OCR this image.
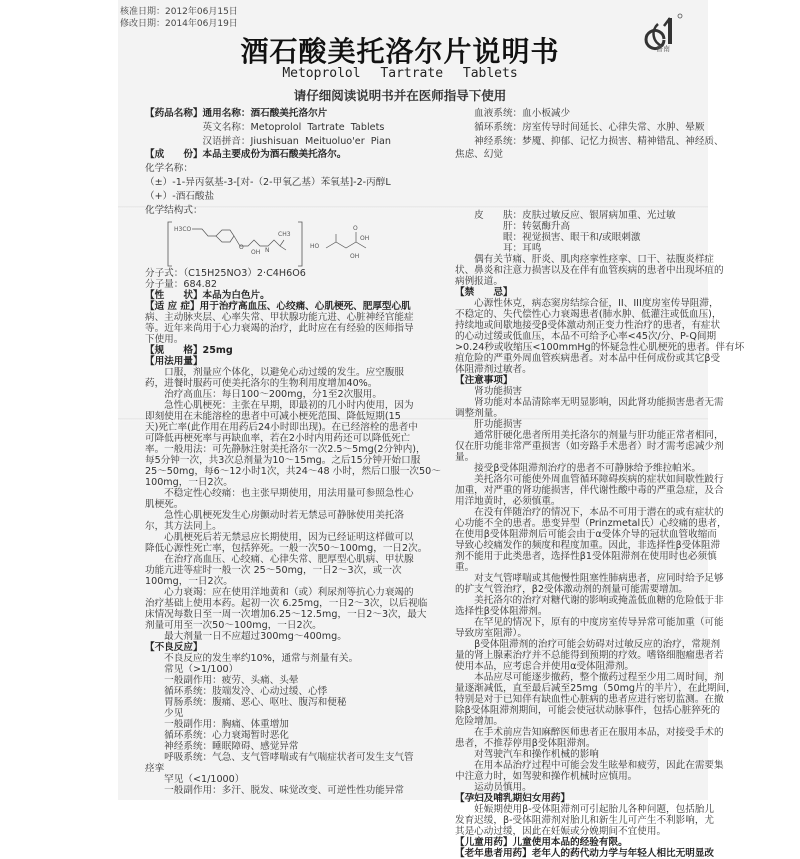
核准日期：2012年06月15日
修改日期：2014年06月19日
鲁南
酒石酸美托洛尔片说明书
Metoprolol Tartrate Tablets
请仔细阅读说明书并在医师指导下使用
【药品名称】通用名称：酒石酸美托洛尔片
　　　　　　英文名称：Metoprolol  Tartrate  Tablets
　　　　　　汉语拼音：Jiushisuan  Meituoluo'er  Pian
【成　　份】本品主要成份为酒石酸美托洛尔。
化学名称：
（±）-1-异丙氨基-3-[对-（2-甲氧乙基）苯氧基]-2-丙醇L
（+）-酒石酸盐
化学结构式：
H3CO
O
OH N
CH3
HO
OH
OH
O
分子式：（C15H25NO3）2·C4H6O6
分子量：684.82
【性　　状】本品为白色片。
【适 应 症】用于治疗高血压、心绞痛、心肌梗死、肥厚型心肌
病、主动脉夹层、心率失常、甲状腺功能亢进、心脏神经官能症
等。近年来尚用于心力衰竭的治疗，此时应在有经验的医师指导
下使用。
【规　　格】25mg
【用法用量】
　　口服，剂量应个体化，以避免心动过缓的发生。应空腹服
药，进餐时服药可使美托洛尔的生物利用度增加40%。
　　治疗高血压：每日100～200mg，分1至2次服用。
　　急性心肌梗死：主张在早期，即最初的几小时内使用，因为
即刻使用在未能溶栓的患者中可减小梗死范围、降低短期(15
天)死亡率(此作用在用药后24小时即出现)。在已经溶栓的患者中
可降低再梗死率与再缺血率，若在2小时内用药还可以降低死亡
率。一般用法：可先静脉注射美托洛尔一次2.5～5mg(2分钟内)，
每5分钟一次，共3次总剂量为10～15mg。之后15分钟开始口服
25～50mg，每6～12小时1次，共24～48 小时，然后口服一次50～
100mg，一日2次。
　　不稳定性心绞痛：也主张早期使用，用法用量可参照急性心
肌梗死。
　　急性心肌梗死发生心房颤动时若无禁忌可静脉使用美托洛
尔，其方法同上。
　　心肌梗死后若无禁忌应长期使用，因为已经证明这样做可以
降低心源性死亡率，包括猝死。一般一次50～100mg，一日2次。
　　在治疗高血压、心绞痛、心律失常、肥厚型心肌病、甲状腺
功能亢进等症时一般一次 25～50mg，一日2～3次，或一次
100mg，一日2次。
　　心力衰竭：应在使用洋地黄和（或）利尿剂等抗心力衰竭的
治疗基础上使用本药。起初一次 6.25mg，一日2～3次，以后视临
床情况每数日至一周一次增加6.25～12.5mg，一日2～3次，最大
剂量可用至一次50～100mg，一日2次。
　　最大剂量一日不应超过300mg～400mg。
【不良反应】
　　不良反应的发生率约10%，通常与剂量有关。
　　常见（>1/100）
　　一般副作用：疲劳、头痛、头晕
　　循环系统：肢端发冷、心动过缓、心悸
　　胃肠系统：腹痛、恶心、呕吐、腹泻和便秘
　　少见
　　一般副作用：胸痛、体重增加
　　循环系统：心力衰竭暂时恶化
　　神经系统：睡眠障碍、感觉异常
　　呼吸系统：气急、支气管哮喘或有气喘症状者可发生支气管
痉挛
　　罕见（<1/1000）
　　一般副作用：多汗、脱发、味觉改变、可逆性性功能异常
　　血液系统：血小板减少
　　循环系统：房室传导时间延长、心律失常、水肿、晕厥
　　神经系统：梦魇、抑郁、记忆力损害、精神错乱、神经质、
焦虑、幻觉
　　皮　　肤：皮肤过敏反应、银屑病加重、光过敏
　　　　　肝：转氨酶升高
　　　　　眼：视觉损害、眼干和/或眼刺激
　　　　　耳：耳鸣
　　偶有关节痛、肝炎、肌肉痉挛性痉挛、口干、祛腹炎样症
状、鼻炎和注意力损害以及在伴有血管疾病的患者中出现坏疽的
病例报道。
【禁　　忌】
　　心源性休克，病态窦房结综合征，II、III度房室传导阻滞，
不稳定的、失代偿性心力衰竭患者(肺水肿、低灌注或低血压)，
持续地或间歇地接受β受体激动剂正变力性治疗的患者，有症状
的心动过缓或低血压，本品不可给予心率<45次/分、P-Q间期
>0.24秒或收缩压<100mmHg的怀疑急性心肌梗死的患者。伴有坏
疽危险的严重外周血管疾病患者。对本品中任何成份或其它β受
体阻滞剂过敏者。
【注意事项】
　　肾功能损害
　　肾功能对本品清除率无明显影响，因此肾功能损害患者无需
调整剂量。
　　肝功能损害
　　通常肝硬化患者所用美托洛尔的剂量与肝功能正常者相同，
仅在肝功能非常严重损害（如旁路手术患者）时才需考虑减少剂
量。
　　接受β受体阻滞剂治疗的患者不可静脉给予维拉帕米。
　　美托洛尔可能使外周血管循环障碍疾病的症状如间歇性跛行
加重，对严重的肾功能损害，伴代谢性酸中毒的严重急症，及合
用洋地黄时，必须慎重。
　　在没有伴随治疗的情况下，本品不可用于潜在的或有症状的
心功能不全的患者。患变异型（Prinzmetal氏）心绞痛的患者，
在使用β受体阻滞剂后可能会由于α受体介导的冠状血管收缩而
导致心绞痛发作的频度和程度加重。因此，非选择性β受体阻滞
剂不能用于此类患者，选择性β1受体阻滞剂在使用时也必须慎
重。
　　对支气管哮喘或其他慢性阻塞性肺病患者，应同时给予足够
的扩支气管治疗，β2受体激动剂的剂量可能需要增加。
　　美托洛尔的治疗对糖代谢的影响或掩盖低血糖的危险低于非
选择性β受体阻滞剂。
　　在罕见的情况下，原有的中度房室传导异常可能加重（可能
导致房室阻滞）。
　　β受体阻滞剂的治疗可能会妨碍对过敏反应的治疗，常规剂
量的肾上腺素治疗并不总能得到预期的疗效。嗜铬细胞瘤患者若
使用本品，应考虑合并使用α受体阻滞剂。
　　本品应尽可能逐步撤药，整个撤药过程至少用二周时间，剂
量逐渐减低，直至最后减至25mg（50mg片的半片），在此期间，
特别是对于已知伴有缺血性心脏病的患者应进行密切监测。在撤
除β受体阻滞剂期间，可能会使冠状动脉事件，包括心脏猝死的
危险增加。
　　在手术前应告知麻醉医师患者正在服用本品，对接受手术的
患者，不推荐停用β受体阻滞剂。
　　对驾驶汽车和操作机械的影响
　　在用本品治疗过程中可能会发生眩晕和疲劳，因此在需要集
中注意力时，如驾驶和操作机械时应慎用。
　　运动员慎用。
【孕妇及哺乳期妇女用药】
　　妊娠期使用β-受体阻滞剂可引起胎儿各种问题，包括胎儿
发育迟缓，β-受体阻滞剂对胎儿和新生儿可产生不利影响，尤
其是心动过缓，因此在妊娠或分娩期间不宜使用。
【儿童用药】儿童使用本品的经验有限。
【老年患者用药】老年人的药代动力学与年轻人相比无明显改
